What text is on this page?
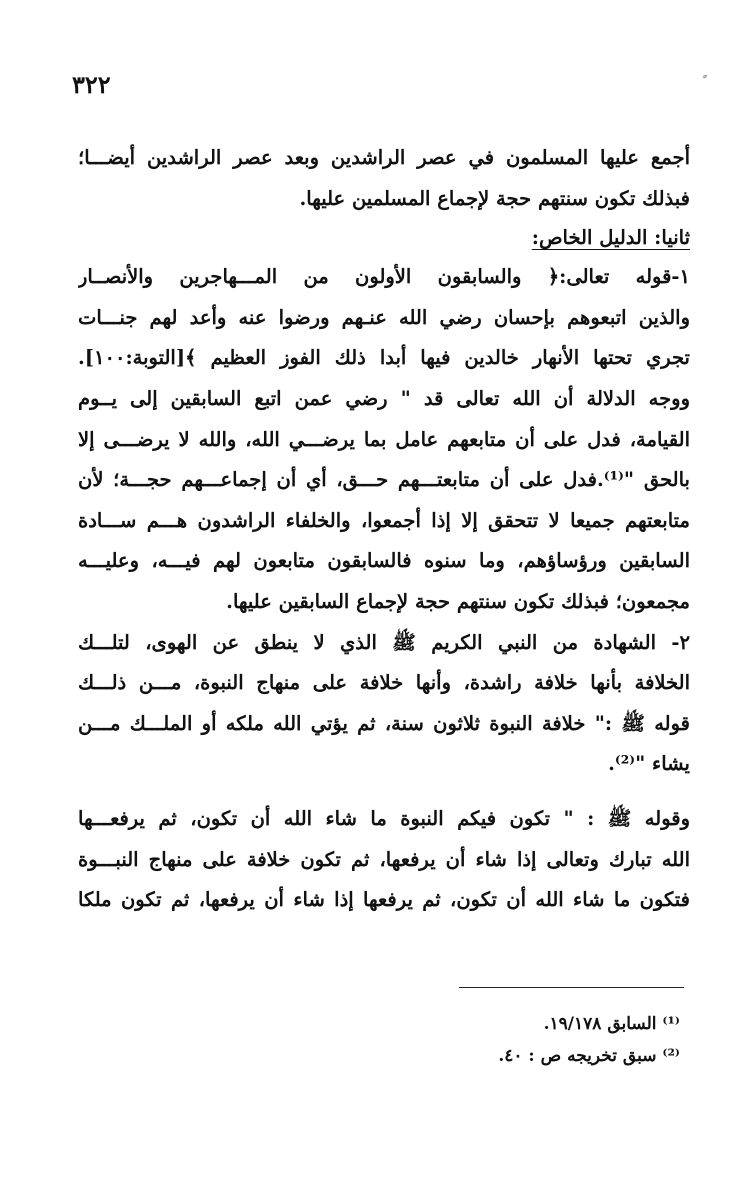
٣٢٢
أجمع عليها المسلمون في عصر الراشدين وبعد عصر الراشدين أيضـــا؛
فبذلك تكون سنتهم حجة لإجماع المسلمين عليها.
ثانيا: الدليل الخاص:
١-قوله تعالى:﴿ والسابقون الأولون من المـــهاجرين والأنصــار
والذين اتبعوهم بإحسان رضي الله عنـهم ورضوا عنه وأعد لهم جنـــات
تجري تحتها الأنهار خالدين فيها أبدا ذلك الفوز العظيم ﴾[التوبة:١٠٠].
ووجه الدلالة أن الله تعالى قد " رضي عمن اتبع السابقين إلى يــوم
القيامة، فدل على أن متابعهم عامل بما يرضـــي الله، والله لا يرضـــى إلا
بالحق "⁽¹⁾.فدل على أن متابعتـــهم حـــق، أي أن إجماعـــهم حجـــة؛ لأن
متابعتهم جميعا لا تتحقق إلا إذا أجمعوا، والخلفاء الراشدون هـــم ســـادة
السابقين ورؤساؤهم، وما سنوه فالسابقون متابعون لهم فيـــه، وعليـــه
مجمعون؛ فبذلك تكون سنتهم حجة لإجماع السابقين عليها.
٢- الشهادة من النبي الكريم ﷺ الذي لا ينطق عن الهوى، لتلـــك
الخلافة بأنها خلافة راشدة، وأنها خلافة على منهاج النبوة، مـــن ذلـــك
قوله ﷺ :" خلافة النبوة ثلاثون سنة، ثم يؤتي الله ملكه أو الملـــك مـــن
يشاء "⁽²⁾.
وقوله ﷺ : " تكون فيكم النبوة ما شاء الله أن تكون، ثم يرفعـــها
الله تبارك وتعالى إذا شاء أن يرفعها، ثم تكون خلافة على منهاج النبـــوة
فتكون ما شاء الله أن تكون، ثم يرفعها إذا شاء أن يرفعها، ثم تكون ملكا
⁽¹⁾ السابق ١٩/١٧٨.
⁽²⁾ سبق تخريجه ص : ٤٠.
